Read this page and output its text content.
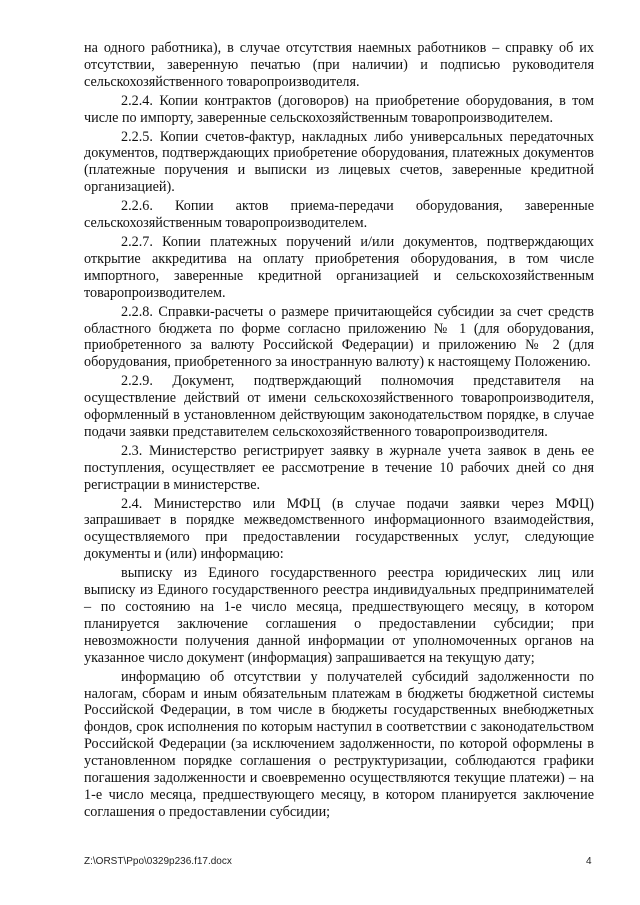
на одного работника), в случае отсутствия наемных работников – справку об их отсутствии, заверенную печатью (при наличии) и подписью руководителя сельскохозяйственного товаропроизводителя.

2.2.4. Копии контрактов (договоров) на приобретение оборудования, в том числе по импорту, заверенные сельскохозяйственным товаропроизводителем.

2.2.5. Копии счетов-фактур, накладных либо универсальных передаточных документов, подтверждающих приобретение оборудования, платежных документов (платежные поручения и выписки из лицевых счетов, заверенные кредитной организацией).

2.2.6. Копии актов приема-передачи оборудования, заверенные сельскохозяйственным товаропроизводителем.

2.2.7. Копии платежных поручений и/или документов, подтверждающих открытие аккредитива на оплату приобретения оборудования, в том числе импортного, заверенные кредитной организацией и сельскохозяйственным товаропроизводителем.

2.2.8. Справки-расчеты о размере причитающейся субсидии за счет средств областного бюджета по форме согласно приложению № 1 (для оборудования, приобретенного за валюту Российской Федерации) и приложению № 2 (для оборудования, приобретенного за иностранную валюту) к настоящему Положению.

2.2.9. Документ, подтверждающий полномочия представителя на осуществление действий от имени сельскохозяйственного товаропроизводителя, оформленный в установленном действующим законодательством порядке, в случае подачи заявки представителем сельскохозяйственного товаропроизводителя.

2.3. Министерство регистрирует заявку в журнале учета заявок в день ее поступления, осуществляет ее рассмотрение в течение 10 рабочих дней со дня регистрации в министерстве.

2.4. Министерство или МФЦ (в случае подачи заявки через МФЦ) запрашивает в порядке межведомственного информационного взаимодействия, осуществляемого при предоставлении государственных услуг, следующие документы и (или) информацию:

выписку из Единого государственного реестра юридических лиц или выписку из Единого государственного реестра индивидуальных предпринимателей – по состоянию на 1-е число месяца, предшествующего месяцу, в котором планируется заключение соглашения о предоставлении субсидии; при невозможности получения данной информации от уполномоченных органов на указанное число документ (информация) запрашивается на текущую дату;

информацию об отсутствии у получателей субсидий задолженности по налогам, сборам и иным обязательным платежам в бюджеты бюджетной системы Российской Федерации, в том числе в бюджеты государственных внебюджетных фондов, срок исполнения по которым наступил в соответствии с законодательством Российской Федерации (за исключением задолженности, по которой оформлены в установленном порядке соглашения о реструктуризации, соблюдаются графики погашения задолженности и своевременно осуществляются текущие платежи) – на 1-е число месяца, предшествующего месяцу, в котором планируется заключение соглашения о предоставлении субсидии;

Z:\ORST\Ppo\0329p236.f17.docx	4
